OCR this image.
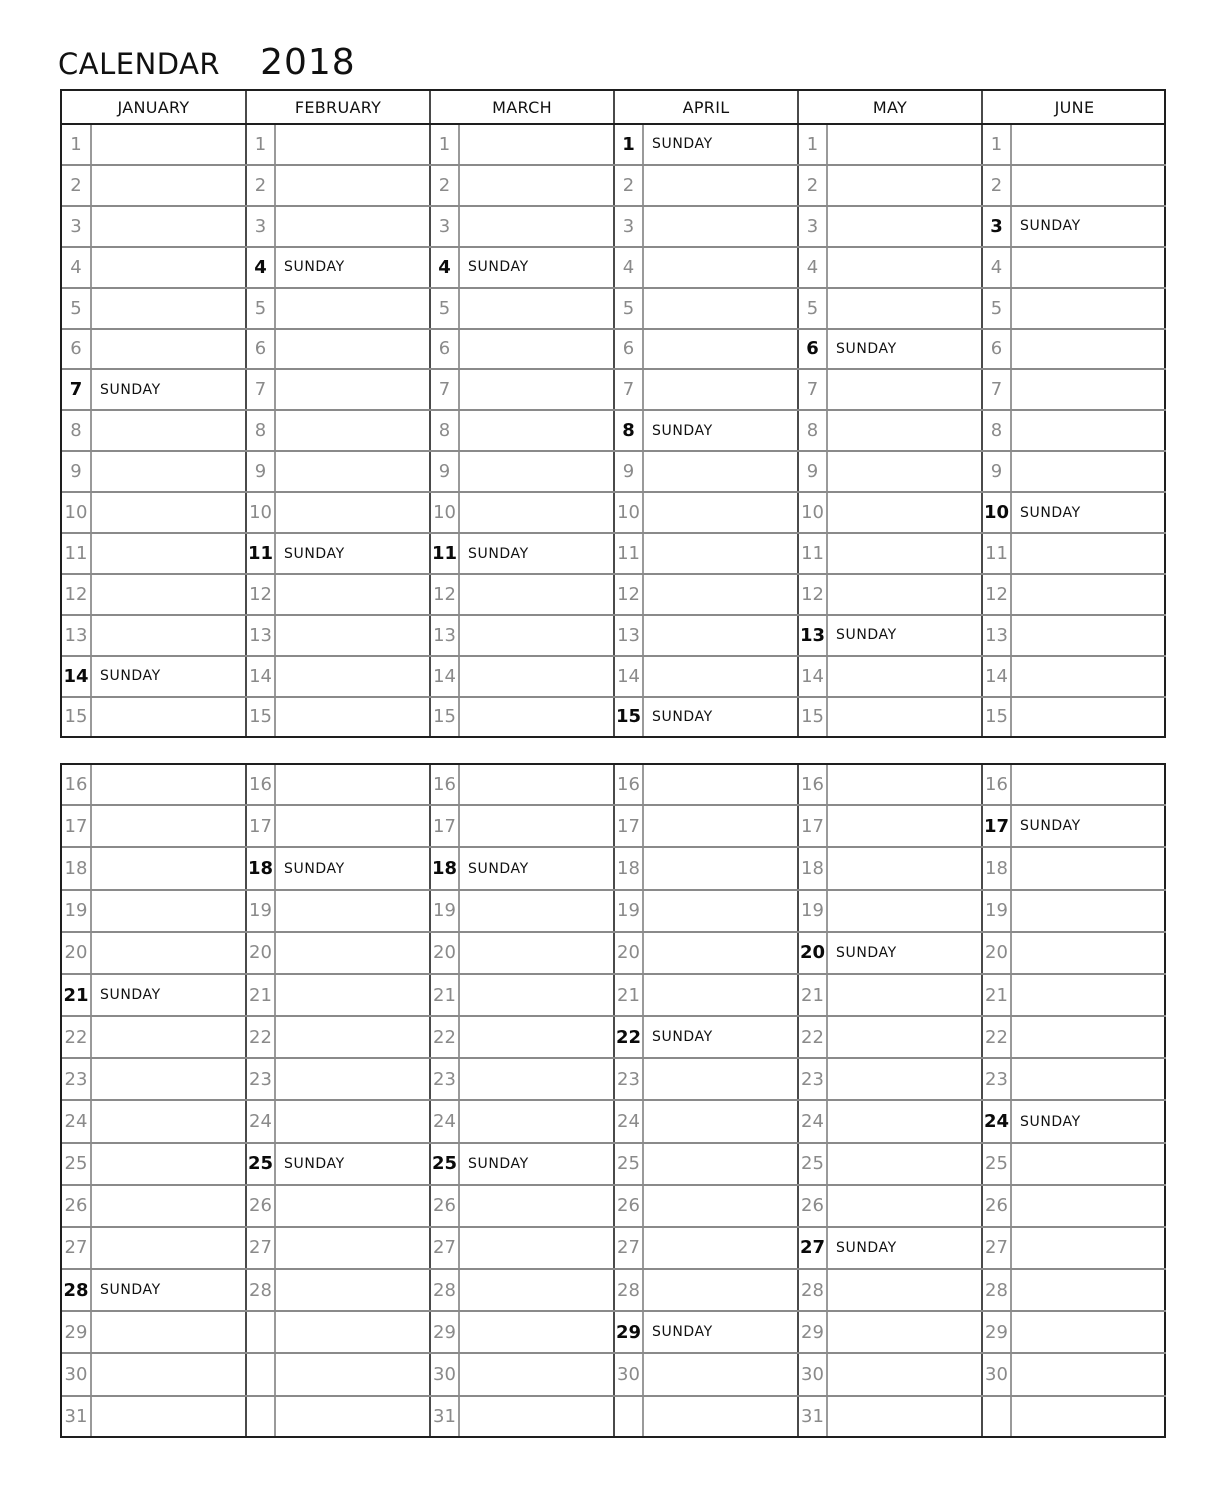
CALENDAR 2018
JANUARY		FEBRUARY		MARCH		APRIL		MAY		JUNE	
1		1		1		1	SUNDAY	1		1	
2		2		2		2		2		2	
3		3		3		3		3		3	SUNDAY
4		4	SUNDAY	4	SUNDAY	4		4		4	
5		5		5		5		5		5	
6		6		6		6		6	SUNDAY	6	
7	SUNDAY	7		7		7		7		7	
8		8		8		8	SUNDAY	8		8	
9		9		9		9		9		9	
10		10		10		10		10		10	SUNDAY
11		11	SUNDAY	11	SUNDAY	11		11		11	
12		12		12		12		12		12	
13		13		13		13		13	SUNDAY	13	
14	SUNDAY	14		14		14		14		14	
15		15		15		15	SUNDAY	15		15	
16		16		16		16		16		16	
17		17		17		17		17		17	SUNDAY
18		18	SUNDAY	18	SUNDAY	18		18		18	
19		19		19		19		19		19	
20		20		20		20		20	SUNDAY	20	
21	SUNDAY	21		21		21		21		21	
22		22		22		22	SUNDAY	22		22	
23		23		23		23		23		23	
24		24		24		24		24		24	SUNDAY
25		25	SUNDAY	25	SUNDAY	25		25		25	
26		26		26		26		26		26	
27		27		27		27		27	SUNDAY	27	
28	SUNDAY	28		28		28		28		28	
29				29		29	SUNDAY	29		29	
30				30		30		30		30	
31				31				31			
